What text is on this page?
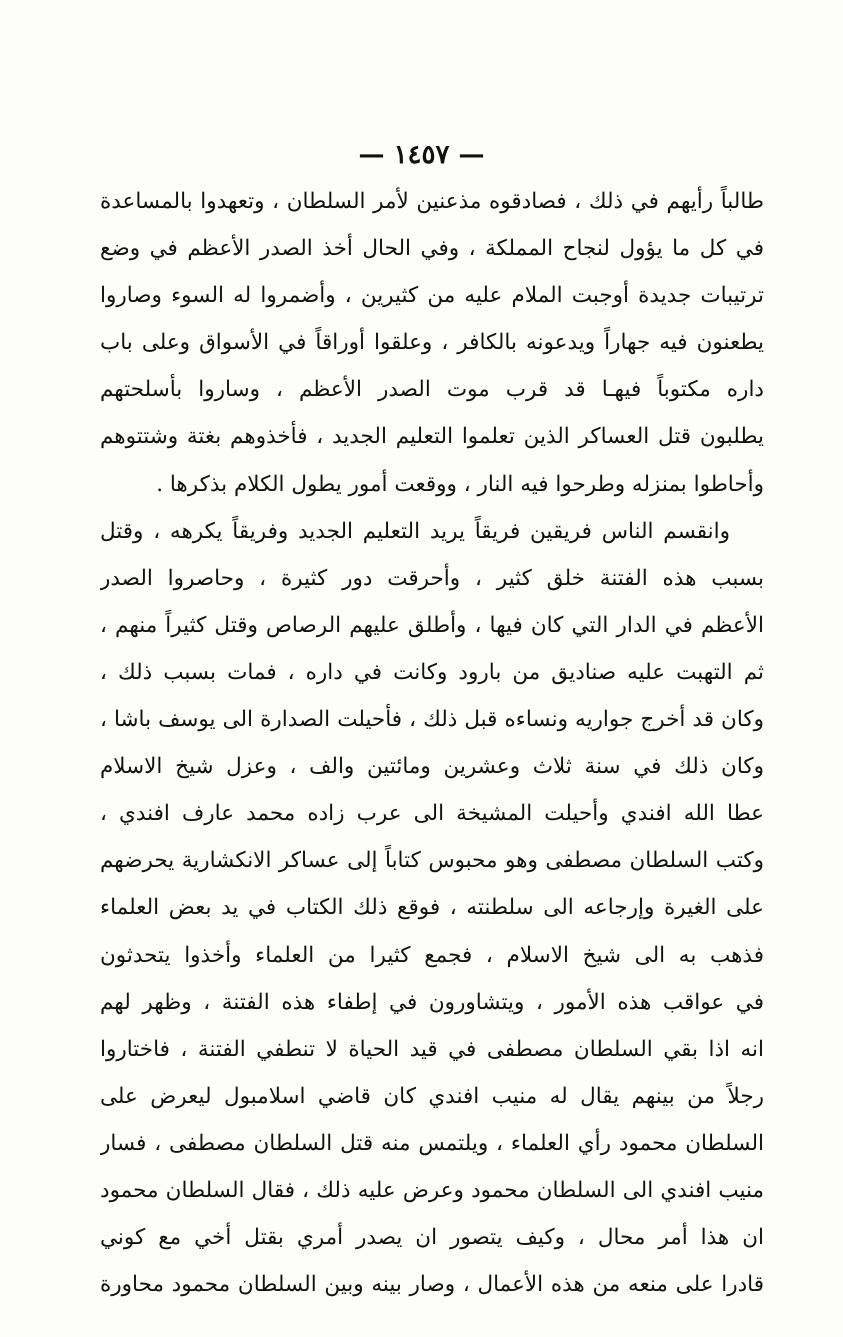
— ١٤٥٧ —
طالباً رأيهم في ذلك ، فصادقوه مذعنين لأمر السلطان ، وتعهدوا بالمساعدة
في كل ما يؤول لنجاح المملكة ، وفي الحال أخذ الصدر الأعظم في وضع
ترتيبات جديدة أوجبت الملام عليه من كثيرين ، وأضمروا له السوء وصاروا
يطعنون فيه جهاراً ويدعونه بالكافر ، وعلقوا أوراقاً في الأسواق وعلى باب
داره مكتوباً فيهـا قد قرب موت الصدر الأعظم ، وساروا بأسلحتهم
يطلبون قتل العساكر الذين تعلموا التعليم الجديد ، فأخذوهم بغتة وشتتوهم
وأحاطوا بمنزله وطرحوا فيه النار ، ووقعت أمور يطول الكلام بذكرها .
وانقسم الناس فريقين فريقاً يريد التعليم الجديد وفريقاً يكرهه ، وقتل
بسبب هذه الفتنة خلق كثير ، وأحرقت دور كثيرة ، وحاصروا الصدر
الأعظم في الدار التي كان فيها ، وأطلق عليهم الرصاص وقتل كثيراً منهم ،
ثم التهبت عليه صناديق من بارود وكانت في داره ، فمات بسبب ذلك ،
وكان قد أخرج جواريه ونساءه قبل ذلك ، فأحيلت الصدارة الى يوسف باشا ،
وكان ذلك في سنة ثلاث وعشرين ومائتين والف ، وعزل شيخ الاسلام
عطا الله افندي وأحيلت المشيخة الى عرب زاده محمد عارف افندي ،
وكتب السلطان مصطفى وهو محبوس كتاباً إلى عساكر الانكشارية يحرضهم
على الغيرة وإرجاعه الى سلطنته ، فوقع ذلك الكتاب في يد بعض العلماء
فذهب به الى شيخ الاسلام ، فجمع كثيرا من العلماء وأخذوا يتحدثون
في عواقب هذه الأمور ، ويتشاورون في إطفاء هذه الفتنة ، وظهر لهم
انه اذا بقي السلطان مصطفى في قيد الحياة لا تنطفي الفتنة ، فاختاروا
رجلاً من بينهم يقال له منيب افندي كان قاضي اسلامبول ليعرض على
السلطان محمود رأي العلماء ، ويلتمس منه قتل السلطان مصطفى ، فسار
منيب افندي الى السلطان محمود وعرض عليه ذلك ، فقال السلطان محمود
ان هذا أمر محال ، وكيف يتصور ان يصدر أمري بقتل أخي مع كوني
قادرا على منعه من هذه الأعمال ، وصار بينه وبين السلطان محمود محاورة
